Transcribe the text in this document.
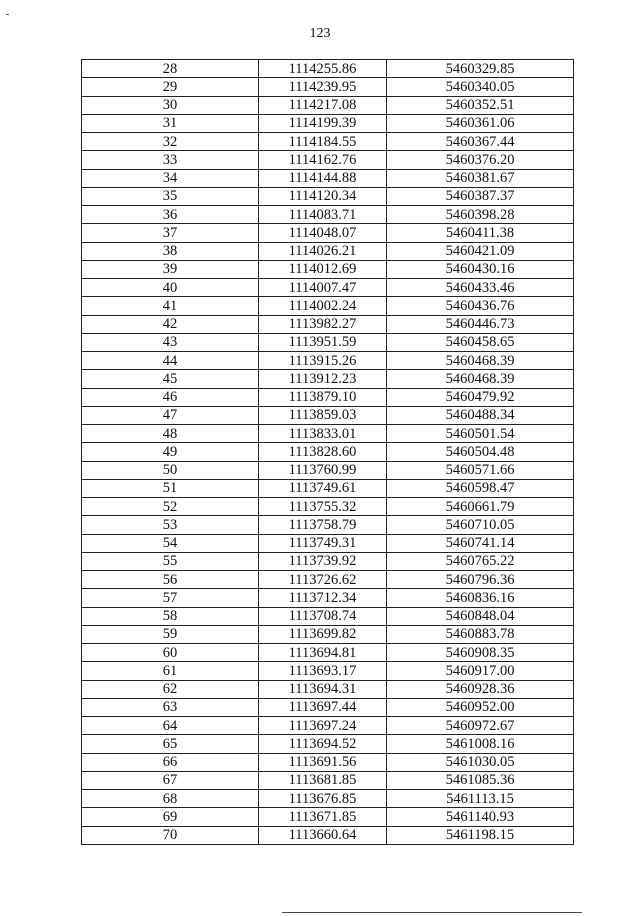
123
28	1114255.86	5460329.85
29	1114239.95	5460340.05
30	1114217.08	5460352.51
31	1114199.39	5460361.06
32	1114184.55	5460367.44
33	1114162.76	5460376.20
34	1114144.88	5460381.67
35	1114120.34	5460387.37
36	1114083.71	5460398.28
37	1114048.07	5460411.38
38	1114026.21	5460421.09
39	1114012.69	5460430.16
40	1114007.47	5460433.46
41	1114002.24	5460436.76
42	1113982.27	5460446.73
43	1113951.59	5460458.65
44	1113915.26	5460468.39
45	1113912.23	5460468.39
46	1113879.10	5460479.92
47	1113859.03	5460488.34
48	1113833.01	5460501.54
49	1113828.60	5460504.48
50	1113760.99	5460571.66
51	1113749.61	5460598.47
52	1113755.32	5460661.79
53	1113758.79	5460710.05
54	1113749.31	5460741.14
55	1113739.92	5460765.22
56	1113726.62	5460796.36
57	1113712.34	5460836.16
58	1113708.74	5460848.04
59	1113699.82	5460883.78
60	1113694.81	5460908.35
61	1113693.17	5460917.00
62	1113694.31	5460928.36
63	1113697.44	5460952.00
64	1113697.24	5460972.67
65	1113694.52	5461008.16
66	1113691.56	5461030.05
67	1113681.85	5461085.36
68	1113676.85	5461113.15
69	1113671.85	5461140.93
70	1113660.64	5461198.15
